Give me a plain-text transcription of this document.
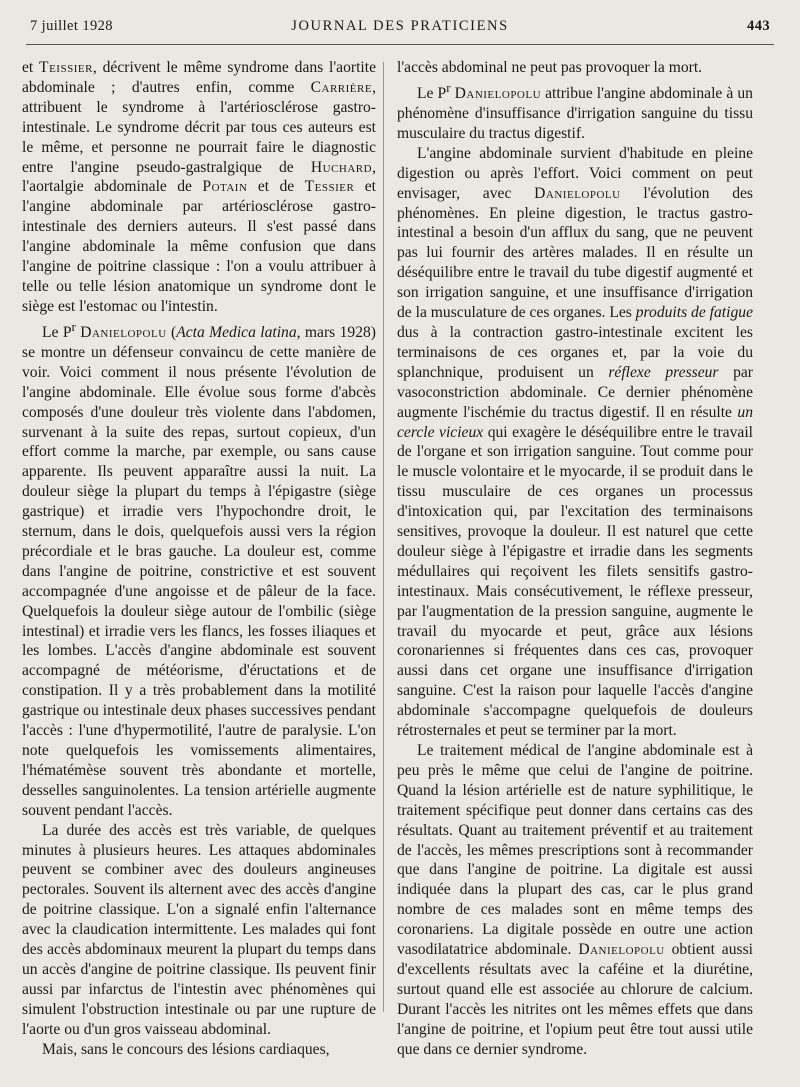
7 juillet 1928	JOURNAL DES PRATICIENS	443

et Teissier, décrivent le même syndrome dans l'aortite abdominale ; d'autres enfin, comme Carrière, attribuent le syndrome à l'artériosclérose gastro-intestinale. Le syndrome décrit par tous ces auteurs est le même, et personne ne pourrait faire le diagnostic entre l'angine pseudo-gastralgique de Huchard, l'aortalgie abdominale de Potain et de Tessier et l'angine abdominale par artériosclérose gastro-intestinale des derniers auteurs. Il s'est passé dans l'angine abdominale la même confusion que dans l'angine de poitrine classique : l'on a voulu attribuer à telle ou telle lésion anatomique un syndrome dont le siège est l'estomac ou l'intestin.

Le $P^r$ Danielopolu (Acta Medica latina, mars 1928) se montre un défenseur convaincu de cette manière de voir. Voici comment il nous présente l'évolution de l'angine abdominale. Elle évolue sous forme d'abcès composés d'une douleur très violente dans l'abdomen, survenant à la suite des repas, surtout copieux, d'un effort comme la marche, par exemple, ou sans cause apparente. Ils peuvent apparaître aussi la nuit. La douleur siège la plupart du temps à l'épigastre (siège gastrique) et irradie vers l'hypochondre droit, le sternum, dans le dois, quelquefois aussi vers la région précordiale et le bras gauche. La douleur est, comme dans l'angine de poitrine, constrictive et est souvent accompagnée d'une angoisse et de pâleur de la face. Quelquefois la douleur siège autour de l'ombilic (siège intestinal) et irradie vers les flancs, les fosses iliaques et les lombes. L'accès d'angine abdominale est souvent accompagné de météorisme, d'éructations et de constipation. Il y a très probablement dans la motilité gastrique ou intestinale deux phases successives pendant l'accès : l'une d'hypermotilité, l'autre de paralysie. L'on note quelquefois les vomissements alimentaires, l'hématémèse souvent très abondante et mortelle, desselles sanguinolentes. La tension artérielle augmente souvent pendant l'accès.

La durée des accès est très variable, de quelques minutes à plusieurs heures. Les attaques abdominales peuvent se combiner avec des douleurs angineuses pectorales. Souvent ils alternent avec des accès d'angine de poitrine classique. L'on a signalé enfin l'alternance avec la claudication intermittente. Les malades qui font des accès abdominaux meurent la plupart du temps dans un accès d'angine de poitrine classique. Ils peuvent finir aussi par infarctus de l'intestin avec phénomènes qui simulent l'obstruction intestinale ou par une rupture de l'aorte ou d'un gros vaisseau abdominal.

Mais, sans le concours des lésions cardiaques,

l'accès abdominal ne peut pas provoquer la mort.

Le $P^r$ Danielopolu attribue l'angine abdominale à un phénomène d'insuffisance d'irrigation sanguine du tissu musculaire du tractus digestif.

L'angine abdominale survient d'habitude en pleine digestion ou après l'effort. Voici comment on peut envisager, avec Danielopolu l'évolution des phénomènes. En pleine digestion, le tractus gastro-intestinal a besoin d'un afflux du sang, que ne peuvent pas lui fournir des artères malades. Il en résulte un déséquilibre entre le travail du tube digestif augmenté et son irrigation sanguine, et une insuffisance d'irrigation de la musculature de ces organes. Les produits de fatigue dus à la contraction gastro-intestinale excitent les terminaisons de ces organes et, par la voie du splanchnique, produisent un réflexe presseur par vasoconstriction abdominale. Ce dernier phénomène augmente l'ischémie du tractus digestif. Il en résulte un cercle vicieux qui exagère le déséquilibre entre le travail de l'organe et son irrigation sanguine. Tout comme pour le muscle volontaire et le myocarde, il se produit dans le tissu musculaire de ces organes un processus d'intoxication qui, par l'excitation des terminaisons sensitives, provoque la douleur. Il est naturel que cette douleur siège à l'épigastre et irradie dans les segments médullaires qui reçoivent les filets sensitifs gastro-intestinaux. Mais consécutivement, le réflexe presseur, par l'augmentation de la pression sanguine, augmente le travail du myocarde et peut, grâce aux lésions coronariennes si fréquentes dans ces cas, provoquer aussi dans cet organe une insuffisance d'irrigation sanguine. C'est la raison pour laquelle l'accès d'angine abdominale s'accompagne quelquefois de douleurs rétrosternales et peut se terminer par la mort.

Le traitement médical de l'angine abdominale est à peu près le même que celui de l'angine de poitrine. Quand la lésion artérielle est de nature syphilitique, le traitement spécifique peut donner dans certains cas des résultats. Quant au traitement préventif et au traitement de l'accès, les mêmes prescriptions sont à recommander que dans l'angine de poitrine. La digitale est aussi indiquée dans la plupart des cas, car le plus grand nombre de ces malades sont en même temps des coronariens. La digitale possède en outre une action vasodilatatrice abdominale. Danielopolu obtient aussi d'excellents résultats avec la caféine et la diurétine, surtout quand elle est associée au chlorure de calcium. Durant l'accès les nitrites ont les mêmes effets que dans l'angine de poitrine, et l'opium peut être tout aussi utile que dans ce dernier syndrome.
